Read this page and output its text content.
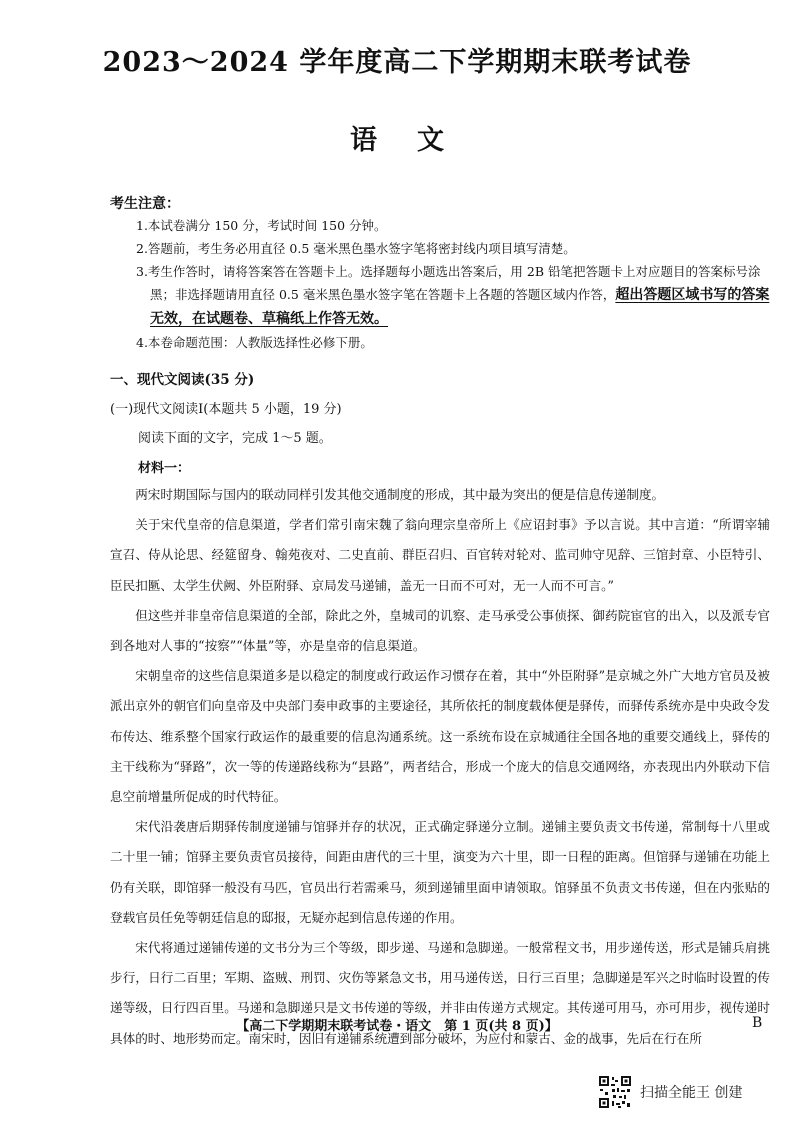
2023～2024 学年度高二下学期期末联考试卷
语文
考生注意：

1.本试卷满分 150 分，考试时间 150 分钟。

2.答题前，考生务必用直径 0.5 毫米黑色墨水签字笔将密封线内项目填写清楚。

3.考生作答时，请将答案答在答题卡上。选择题每小题选出答案后，用 2B 铅笔把答题卡上对应题目的答案标号涂黑；非选择题请用直径 0.5 毫米黑色墨水签字笔在答题卡上各题的答题区域内作答，超出答题区域书写的答案无效，在试题卷、草稿纸上作答无效。

4.本卷命题范围：人教版选择性必修下册。

一、现代文阅读(35 分)
(一)现代文阅读Ⅰ(本题共 5 小题，19 分)
阅读下面的文字，完成 1～5 题。
材料一：

两宋时期国际与国内的联动同样引发其他交通制度的形成，其中最为突出的便是信息传递制度。

关于宋代皇帝的信息渠道，学者们常引南宋魏了翁向理宗皇帝所上《应诏封事》予以言说。其中言道：“所谓宰辅宣召、侍从论思、经筵留身、翰苑夜对、二史直前、群臣召归、百官转对轮对、监司帅守见辞、三馆封章、小臣特引、臣民扣匦、太学生伏阙、外臣附驿、京局发马递铺，盖无一日而不可对，无一人而不可言。”

但这些并非皇帝信息渠道的全部，除此之外，皇城司的讥察、走马承受公事侦探、御药院宦官的出入，以及派专官到各地对人事的“按察”“体量”等，亦是皇帝的信息渠道。

宋朝皇帝的这些信息渠道多是以稳定的制度或行政运作习惯存在着，其中“外臣附驿”是京城之外广大地方官员及被派出京外的朝官们向皇帝及中央部门奏申政事的主要途径，其所依托的制度载体便是驿传，而驿传系统亦是中央政令发布传达、维系整个国家行政运作的最重要的信息沟通系统。这一系统布设在京城通往全国各地的重要交通线上，驿传的主干线称为“驿路”，次一等的传递路线称为“县路”，两者结合，形成一个庞大的信息交通网络，亦表现出内外联动下信息空前增量所促成的时代特征。

宋代沿袭唐后期驿传制度递铺与馆驿并存的状况，正式确定驿递分立制。递铺主要负责文书传递，常制每十八里或二十里一铺；馆驿主要负责官员接待，间距由唐代的三十里，演变为六十里，即一日程的距离。但馆驿与递铺在功能上仍有关联，即馆驿一般没有马匹，官员出行若需乘马，须到递铺里面申请领取。馆驿虽不负责文书传递，但在内张贴的登载官员任免等朝廷信息的邸报，无疑亦起到信息传递的作用。

宋代将通过递铺传递的文书分为三个等级，即步递、马递和急脚递。一般常程文书，用步递传送，形式是铺兵肩挑步行，日行二百里；军期、盗贼、刑罚、灾伤等紧急文书，用马递传送，日行三百里；急脚递是军兴之时临时设置的传递等级，日行四百里。马递和急脚递只是文书传递的等级，并非由传递方式规定。其传递可用马，亦可用步，视传递时具体的时、地形势而定。南宋时，因旧有递铺系统遭到部分破坏，为应付和蒙古、金的战事，先后在行在所

【高二下学期期末联考试卷・语文　第 1 页(共 8 页)】	B
扫描全能王 创建
